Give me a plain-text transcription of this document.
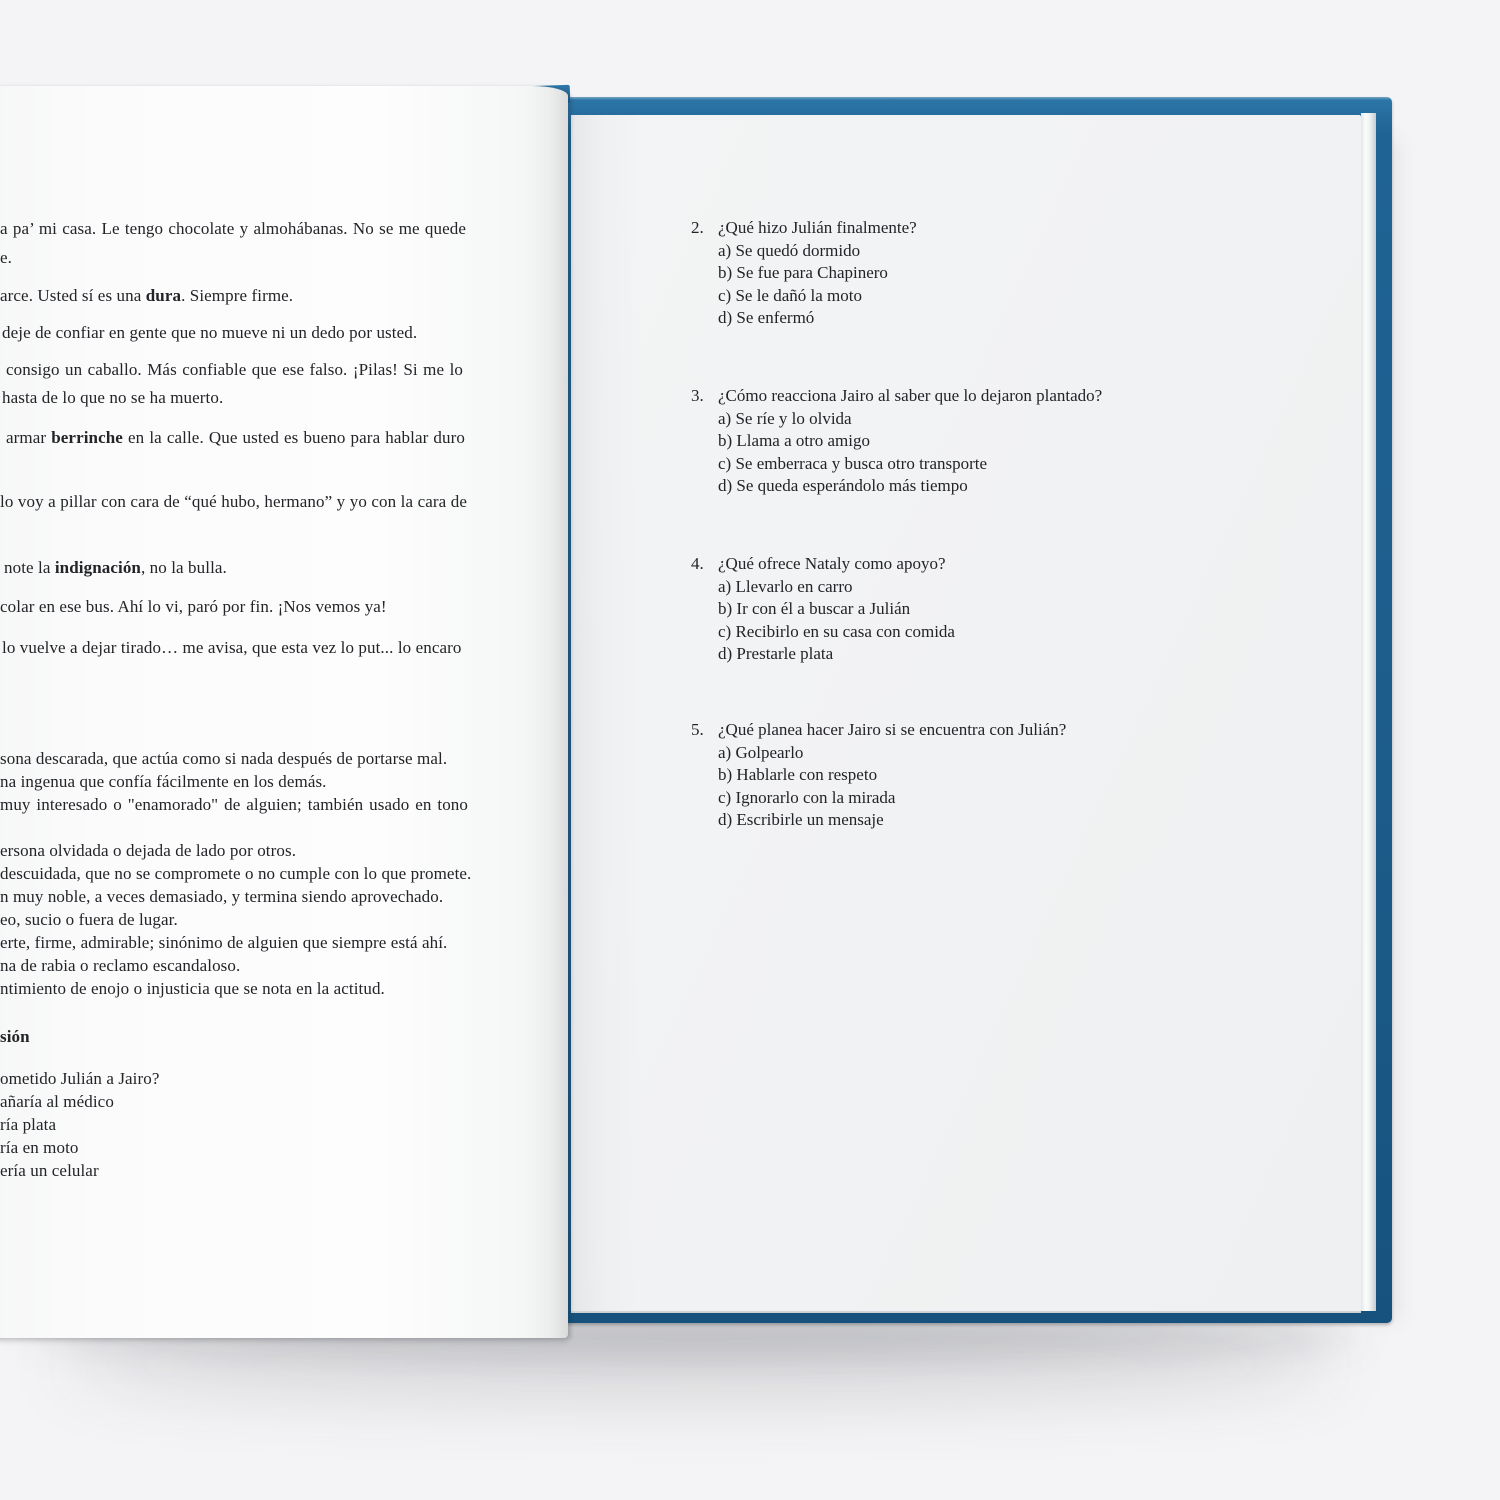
a pa’ mi casa. Le tengo chocolate y almohábanas. No se me quede
e.
arce. Usted sí es una dura. Siempre firme.
deje de confiar en gente que no mueve ni un dedo por usted.
consigo un caballo. Más confiable que ese falso. ¡Pilas! Si me lo
hasta de lo que no se ha muerto.
armar berrinche en la calle. Que usted es bueno para hablar duro
lo voy a pillar con cara de “qué hubo, hermano” y yo con la cara de
note la indignación, no la bulla.
colar en ese bus. Ahí lo vi, paró por fin. ¡Nos vemos ya!
lo vuelve a dejar tirado… me avisa, que esta vez lo put... lo encaro
sona descarada, que actúa como si nada después de portarse mal.
na ingenua que confía fácilmente en los demás.
muy interesado o "enamorado" de alguien; también usado en tono
ersona olvidada o dejada de lado por otros.
descuidada, que no se compromete o no cumple con lo que promete.
n muy noble, a veces demasiado, y termina siendo aprovechado.
eo, sucio o fuera de lugar.
erte, firme, admirable; sinónimo de alguien que siempre está ahí.
na de rabia o reclamo escandaloso.
ntimiento de enojo o injusticia que se nota en la actitud.
sión
ometido Julián a Jairo?
añaría al médico
ría plata
ría en moto
ería un celular
2. ¿Qué hizo Julián finalmente?
a) Se quedó dormido
b) Se fue para Chapinero
c) Se le dañó la moto
d) Se enfermó
3. ¿Cómo reacciona Jairo al saber que lo dejaron plantado?
a) Se ríe y lo olvida
b) Llama a otro amigo
c) Se emberraca y busca otro transporte
d) Se queda esperándolo más tiempo
4. ¿Qué ofrece Nataly como apoyo?
a) Llevarlo en carro
b) Ir con él a buscar a Julián
c) Recibirlo en su casa con comida
d) Prestarle plata
5. ¿Qué planea hacer Jairo si se encuentra con Julián?
a) Golpearlo
b) Hablarle con respeto
c) Ignorarlo con la mirada
d) Escribirle un mensaje
